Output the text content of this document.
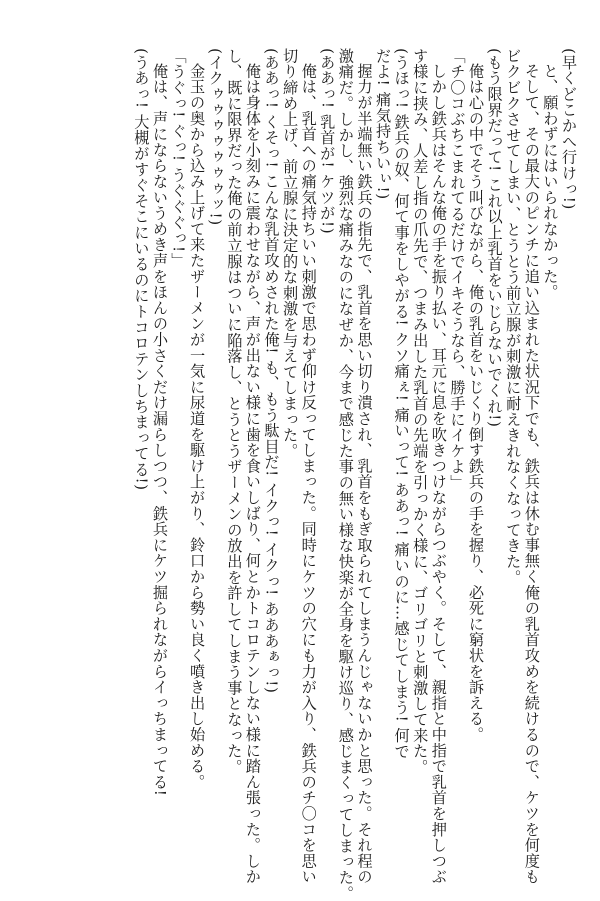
(早くどこかへ行けっ!)
と、願わずにはいられなかった。
そして、その最大のピンチに追い込まれた状況下でも、鉄兵は休む事無く俺の乳首攻めを続けるので、ケツを何度も
ビクビクさせてしまい、とうとう前立腺が刺激に耐えきれなくなってきた。
(もう限界だって! これ以上乳首をいじらないでくれ!)
俺は心の中でそう叫びながら、俺の乳首をいじくり倒す鉄兵の手を握り、必死に窮状を訴える。
「チ〇コぶちこまれてるだけでイキそうなら、勝手にイケよ」
しかし鉄兵はそんな俺の手を振り払い、耳元に息を吹きつけながらつぶやく。そして、親指と中指で乳首を押しつぶ
す様に挟み、人差し指の爪先で、つまみ出した乳首の先端を引っかく様に、ゴリゴリと刺激して来た。
(うほっ! 鉄兵の奴、何て事をしやがる! クソ痛ぇ! 痛いって! ああっ! 痛いのに…感じてしまう! 何で
だよ! 痛気持ちいぃ!)
握力が半端無い鉄兵の指先で、乳首を思い切り潰され、乳首をもぎ取られてしまうんじゃないかと思った。それ程の
激痛だ。しかし、強烈な痛みなのになぜか、今まで感じた事の無い様な快楽が全身を駆け巡り、感じまくってしまった。
(ああっ! 乳首が! ケツが!)
俺は、乳首への痛気持ちいい刺激で思わず仰け反ってしまった。同時にケツの穴にも力が入り、鉄兵のチ〇コを思い
切り締め上げ、前立腺に決定的な刺激を与えてしまった。
(ああっ! くそっ! こんな乳首攻めされた俺! も、もう駄目だ! イクっ! イクっ! あああぁっ!)
俺は身体を小刻みに震わせながら、声が出ない様に歯を食いしばり、何とかトコロテンしない様に踏ん張った。しか
し、既に限界だった俺の前立腺はついに陥落し、とうとうザーメンの放出を許してしまう事となった。
(イクゥゥゥゥゥゥゥッ!)
金玉の奥から込み上げて来たザーメンが一気に尿道を駆け上がり、鈴口から勢い良く噴き出し始める。
「うぐっ! ぐっ! うぐぐぐっ!」
俺は、声にならないうめき声をほんの小さくだけ漏らしつつ、鉄兵にケツ掘られながらイっちまってる!
(うあっ! 大槻がすぐそこにいるのにトコロテンしちまってる!)
